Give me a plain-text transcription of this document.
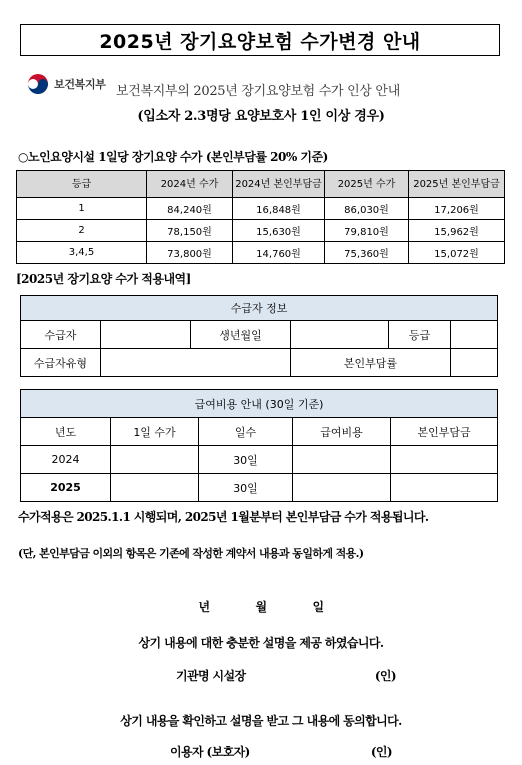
2025년 장기요양보험 수가변경 안내
보건복지부 보건복지부의 2025년 장기요양보험 수가 인상 안내
(입소자 2.3명당 요양보호사 1인 이상 경우)
○노인요양시설 1일당 장기요양 수가 (본인부담률 20% 기준)
등급	2024년 수가	2024년 본인부담금	2025년 수가	2025년 본인부담금
1	84,240원	16,848원	86,030원	17,206원
2	78,150원	15,630원	79,810원	15,962원
3,4,5	73,800원	14,760원	75,360원	15,072원
[2025년 장기요양 수가 적용내역]
수급자 정보					
수급자		생년월일		등급	
수급자유형			본인부담률		
급여비용 안내 (30일 기준)				
년도	1일 수가	일수	급여비용	본인부담금
2024		30일		
2025		30일		
수가적용은 2025.1.1 시행되며, 2025년 1월분부터 본인부담금 수가 적용됩니다.
(단, 본인부담금 이외의 항목은 기존에 작성한 계약서 내용과 동일하게 적용.)
년	월	일
상기 내용에 대한 충분한 설명을 제공 하였습니다.
기관명 시설장	(인)
상기 내용을 확인하고 설명을 받고 그 내용에 동의합니다.
이용자 (보호자)	(인)
